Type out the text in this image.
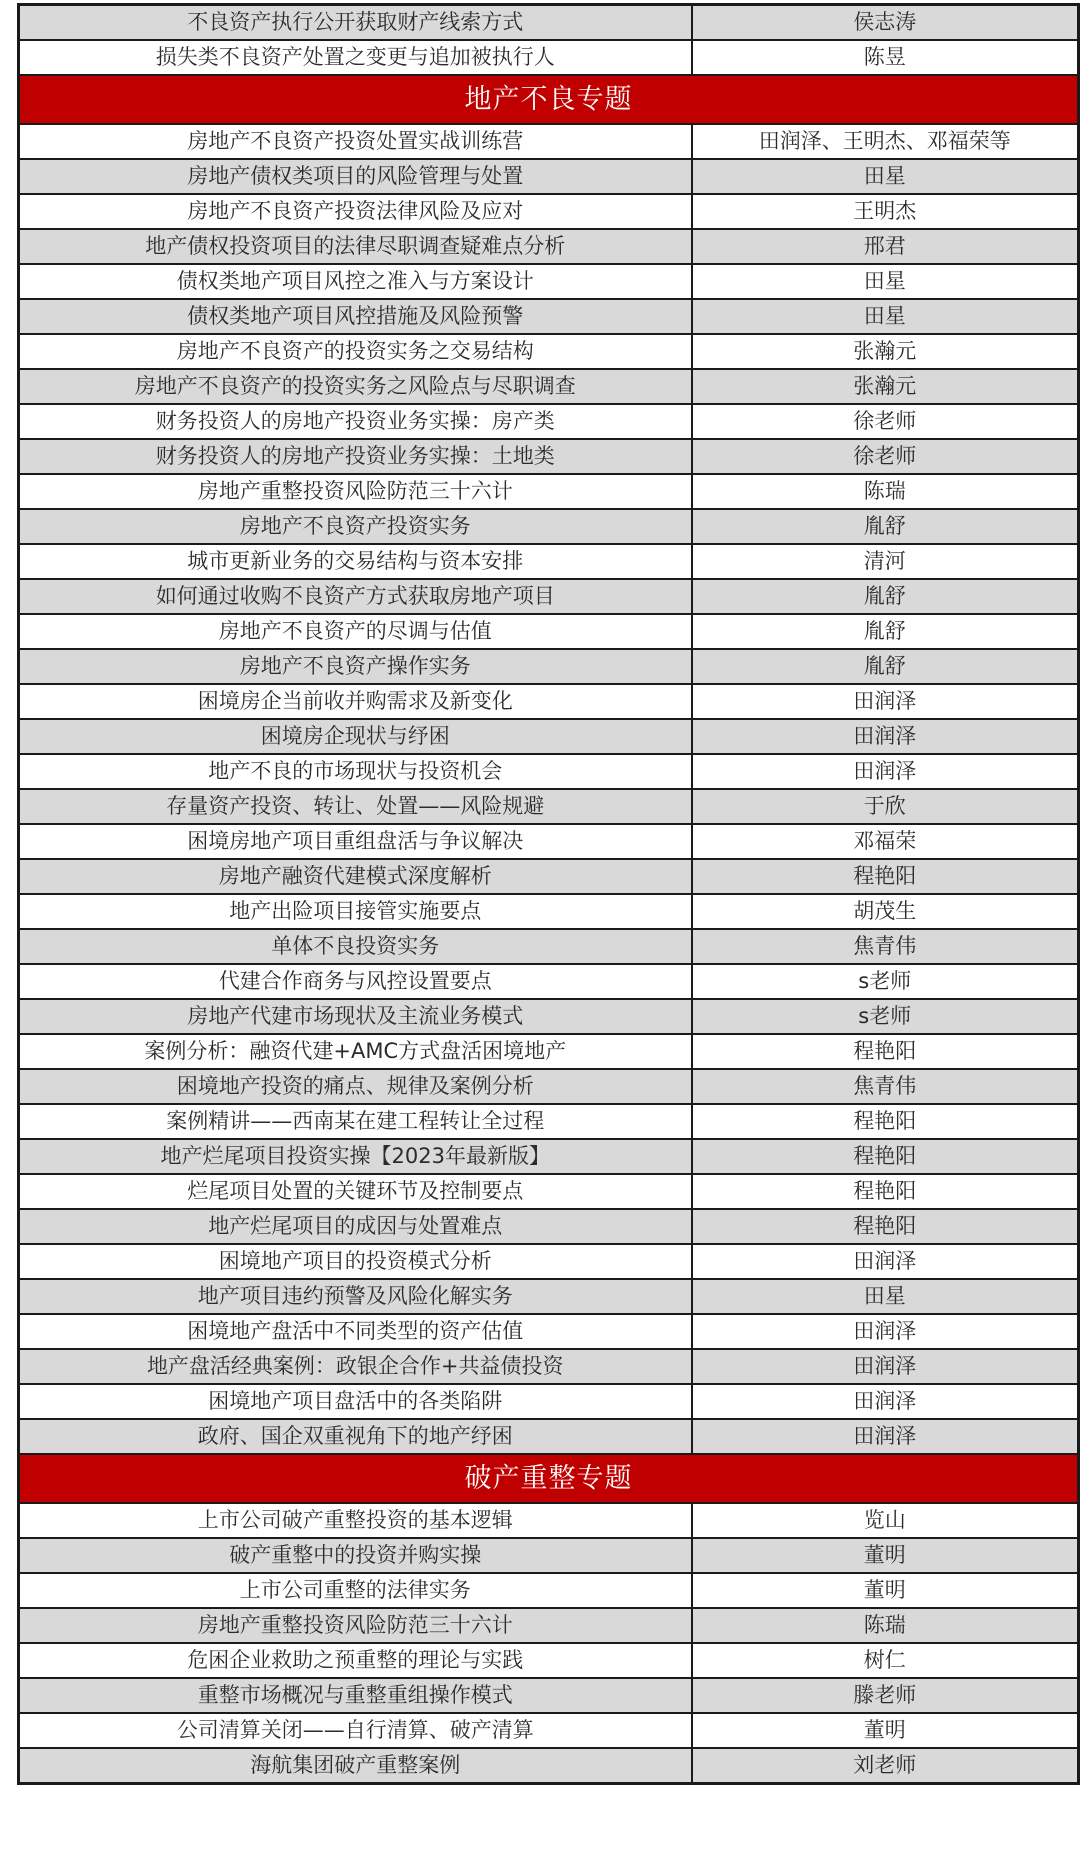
不良资产执行公开获取财产线索方式	侯志涛
损失类不良资产处置之变更与追加被执行人	陈昱
地产不良专题	
房地产不良资产投资处置实战训练营	田润泽、王明杰、邓福荣等
房地产债权类项目的风险管理与处置	田星
房地产不良资产投资法律风险及应对	王明杰
地产债权投资项目的法律尽职调查疑难点分析	邢君
债权类地产项目风控之准入与方案设计	田星
债权类地产项目风控措施及风险预警	田星
房地产不良资产的投资实务之交易结构	张瀚元
房地产不良资产的投资实务之风险点与尽职调查	张瀚元
财务投资人的房地产投资业务实操：房产类	徐老师
财务投资人的房地产投资业务实操：土地类	徐老师
房地产重整投资风险防范三十六计	陈瑞
房地产不良资产投资实务	胤舒
城市更新业务的交易结构与资本安排	清河
如何通过收购不良资产方式获取房地产项目	胤舒
房地产不良资产的尽调与估值	胤舒
房地产不良资产操作实务	胤舒
困境房企当前收并购需求及新变化	田润泽
困境房企现状与纾困	田润泽
地产不良的市场现状与投资机会	田润泽
存量资产投资、转让、处置——风险规避	于欣
困境房地产项目重组盘活与争议解决	邓福荣
房地产融资代建模式深度解析	程艳阳
地产出险项目接管实施要点	胡茂生
单体不良投资实务	焦青伟
代建合作商务与风控设置要点	s老师
房地产代建市场现状及主流业务模式	s老师
案例分析：融资代建+AMC方式盘活困境地产	程艳阳
困境地产投资的痛点、规律及案例分析	焦青伟
案例精讲——西南某在建工程转让全过程	程艳阳
地产烂尾项目投资实操【2023年最新版】	程艳阳
烂尾项目处置的关键环节及控制要点	程艳阳
地产烂尾项目的成因与处置难点	程艳阳
困境地产项目的投资模式分析	田润泽
地产项目违约预警及风险化解实务	田星
困境地产盘活中不同类型的资产估值	田润泽
地产盘活经典案例：政银企合作+共益债投资	田润泽
困境地产项目盘活中的各类陷阱	田润泽
政府、国企双重视角下的地产纾困	田润泽
破产重整专题	
上市公司破产重整投资的基本逻辑	览山
破产重整中的投资并购实操	董明
上市公司重整的法律实务	董明
房地产重整投资风险防范三十六计	陈瑞
危困企业救助之预重整的理论与实践	树仁
重整市场概况与重整重组操作模式	滕老师
公司清算关闭——自行清算、破产清算	董明
海航集团破产重整案例	刘老师
